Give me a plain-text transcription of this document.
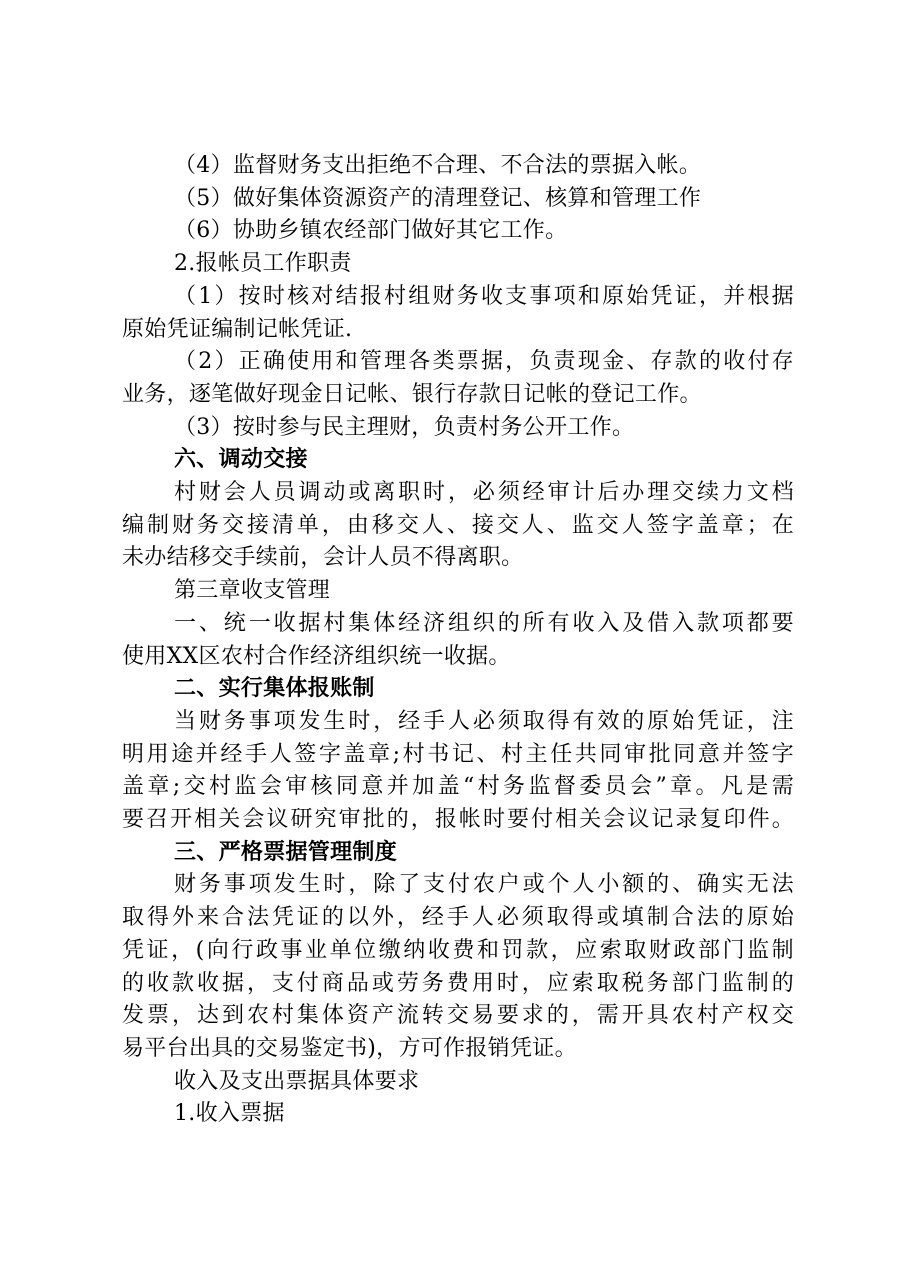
（4）监督财务支出拒绝不合理、不合法的票据入帐。
（5）做好集体资源资产的清理登记、核算和管理工作
（6）协助乡镇农经部门做好其它工作。
2.报帐员工作职责
（1）按时核对结报村组财务收支事项和原始凭证，并根据
原始凭证编制记帐凭证.
（2）正确使用和管理各类票据，负责现金、存款的收付存
业务，逐笔做好现金日记帐、银行存款日记帐的登记工作。
（3）按时参与民主理财，负责村务公开工作。
六、调动交接
村财会人员调动或离职时，必须经审计后办理交续力文档
编制财务交接清单，由移交人、接交人、监交人签字盖章；在
未办结移交手续前，会计人员不得离职。
第三章收支管理
一、统一收据村集体经济组织的所有收入及借入款项都要
使用XX区农村合作经济组织统一收据。
二、实行集体报账制
当财务事项发生时，经手人必须取得有效的原始凭证，注
明用途并经手人签字盖章;村书记、村主任共同审批同意并签字
盖章;交村监会审核同意并加盖“村务监督委员会”章。凡是需
要召开相关会议研究审批的，报帐时要付相关会议记录复印件。
三、严格票据管理制度
财务事项发生时，除了支付农户或个人小额的、确实无法
取得外来合法凭证的以外，经手人必须取得或填制合法的原始
凭证，(向行政事业单位缴纳收费和罚款，应索取财政部门监制
的收款收据，支付商品或劳务费用时，应索取税务部门监制的
发票，达到农村集体资产流转交易要求的，需开具农村产权交
易平台出具的交易鉴定书)，方可作报销凭证。
收入及支出票据具体要求
1.收入票据
